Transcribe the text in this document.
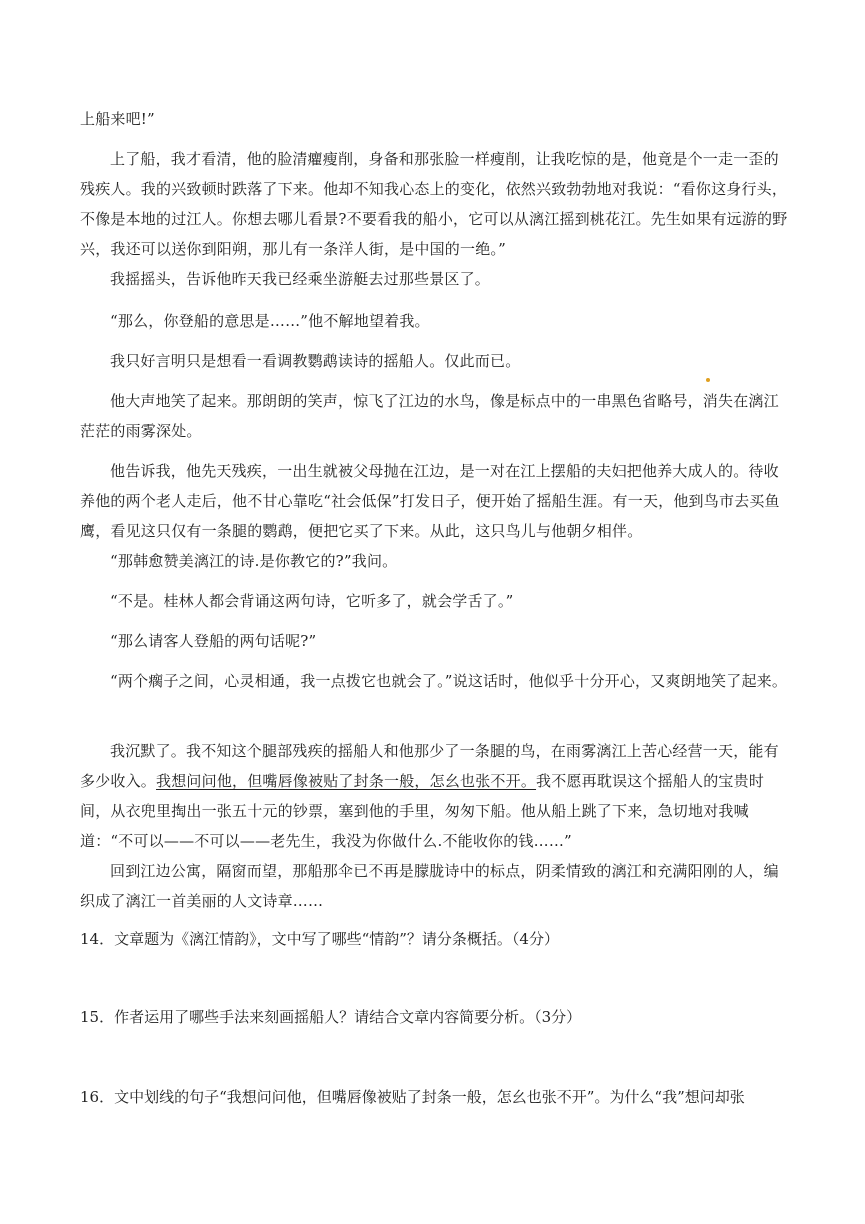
上船来吧!”

上了船，我才看清，他的脸清癯瘦削，身备和那张脸一样瘦削，让我吃惊的是，他竟是个一走一歪的残疾人。我的兴致顿时跌落了下来。他却不知我心态上的变化，依然兴致勃勃地对我说：“看你这身行头，不像是本地的过江人。你想去哪儿看景?不要看我的船小，它可以从漓江摇到桃花江。先生如果有远游的野兴，我还可以送你到阳朔，那儿有一条洋人街，是中国的一绝。”

我摇摇头，告诉他昨天我已经乘坐游艇去过那些景区了。

“那么，你登船的意思是……”他不解地望着我。

我只好言明只是想看一看调教鹦鹉读诗的摇船人。仅此而已。

他大声地笑了起来。那朗朗的笑声，惊飞了江边的水鸟，像是标点中的一串黑色省略号，消失在漓江茫茫的雨雾深处。

他告诉我，他先天残疾，一出生就被父母抛在江边，是一对在江上摆船的夫妇把他养大成人的。待收养他的两个老人走后，他不甘心靠吃“社会低保”打发日子，便开始了摇船生涯。有一天，他到鸟市去买鱼鹰，看见这只仅有一条腿的鹦鹉，便把它买了下来。从此，这只鸟儿与他朝夕相伴。

“那韩愈赞美漓江的诗.是你教它的?”我问。

“不是。桂林人都会背诵这两句诗，它听多了，就会学舌了。”

“那么请客人登船的两句话呢?”

“两个瘸子之间，心灵相通，我一点拨它也就会了。”说这话时，他似乎十分开心，又爽朗地笑了起来。

我沉默了。我不知这个腿部残疾的摇船人和他那少了一条腿的鸟，在雨雾漓江上苦心经营一天，能有多少收入。我想问问他，但嘴唇像被贴了封条一般，怎幺也张不开。我不愿再耽误这个摇船人的宝贵时间，从衣兜里掏出一张五十元的钞票，塞到他的手里，匆匆下船。他从船上跳了下来，急切地对我喊道：“不可以——不可以——老先生，我没为你做什么.不能收你的钱……”

回到江边公寓，隔窗而望，那船那伞已不再是朦胧诗中的标点，阴柔情致的漓江和充满阳刚的人，编织成了漓江一首美丽的人文诗章……

14．文章题为《漓江情韵》，文中写了哪些“情韵”？请分条概括。（4分）

15．作者运用了哪些手法来刻画摇船人？请结合文章内容简要分析。（3分）

16．文中划线的句子“我想问问他，但嘴唇像被贴了封条一般，怎幺也张不开”。为什么“我”想问却张
